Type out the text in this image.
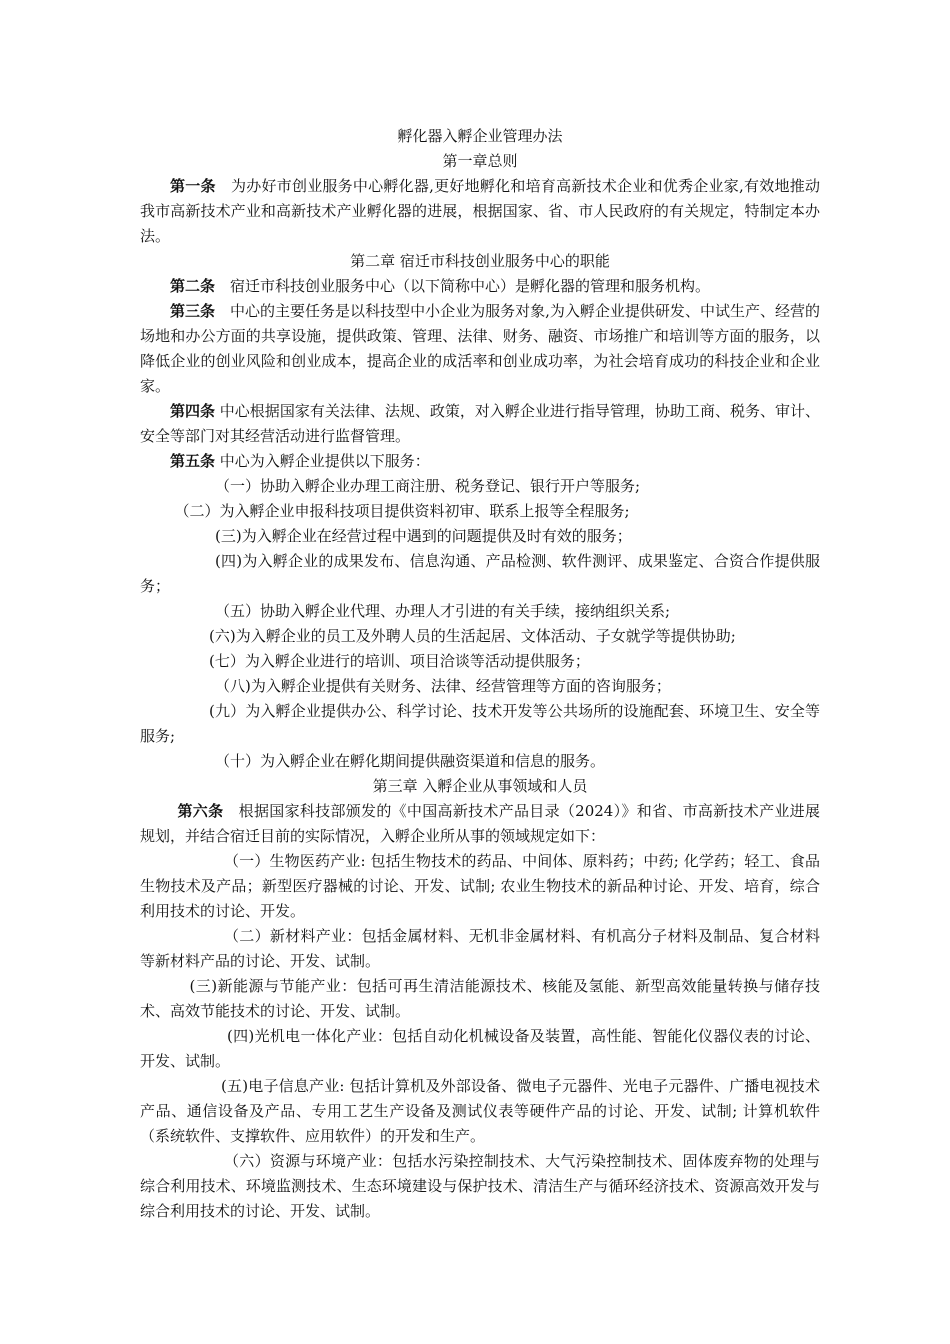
孵化器入孵企业管理办法

第一章总则

第一条 为办好市创业服务中心孵化器,更好地孵化和培育高新技术企业和优秀企业家,有效地推动我市高新技术产业和高新技术产业孵化器的进展，根据国家、省、市人民政府的有关规定，特制定本办法。

第二章 宿迁市科技创业服务中心的职能

第二条 宿迁市科技创业服务中心（以下简称中心）是孵化器的管理和服务机构。

第三条 中心的主要任务是以科技型中小企业为服务对象,为入孵企业提供研发、中试生产、经营的场地和办公方面的共享设施，提供政策、管理、法律、财务、融资、市场推广和培训等方面的服务，以降低企业的创业风险和创业成本，提高企业的成活率和创业成功率，为社会培育成功的科技企业和企业家。

第四条 中心根据国家有关法律、法规、政策，对入孵企业进行指导管理，协助工商、税务、审计、安全等部门对其经营活动进行监督管理。

第五条 中心为入孵企业提供以下服务：

（一）协助入孵企业办理工商注册、税务登记、银行开户等服务;

（二）为入孵企业申报科技项目提供资料初审、联系上报等全程服务;

(三)为入孵企业在经营过程中遇到的问题提供及时有效的服务；

(四)为入孵企业的成果发布、信息沟通、产品检测、软件测评、成果鉴定、合资合作提供服务；

（五）协助入孵企业代理、办理人才引进的有关手续，接纳组织关系;

(六)为入孵企业的员工及外聘人员的生活起居、文体活动、子女就学等提供协助;

(七）为入孵企业进行的培训、项目洽谈等活动提供服务；

（八)为入孵企业提供有关财务、法律、经营管理等方面的咨询服务；

(九）为入孵企业提供办公、科学讨论、技术开发等公共场所的设施配套、环境卫生、安全等服务;

（十）为入孵企业在孵化期间提供融资渠道和信息的服务。

第三章 入孵企业从事领域和人员

第六条 根据国家科技部颁发的《中国高新技术产品目录（2024）》和省、市高新技术产业进展规划，并结合宿迁目前的实际情况，入孵企业所从事的领域规定如下：

（一）生物医药产业: 包括生物技术的药品、中间体、原料药；中药; 化学药；轻工、食品生物技术及产品；新型医疗器械的讨论、开发、试制; 农业生物技术的新品种讨论、开发、培育，综合利用技术的讨论、开发。

（二）新材料产业：包括金属材料、无机非金属材料、有机高分子材料及制品、复合材料等新材料产品的讨论、开发、试制。

(三)新能源与节能产业：包括可再生清洁能源技术、核能及氢能、新型高效能量转换与储存技术、高效节能技术的讨论、开发、试制。

(四)光机电一体化产业：包括自动化机械设备及装置，高性能、智能化仪器仪表的讨论、开发、试制。

(五)电子信息产业: 包括计算机及外部设备、微电子元器件、光电子元器件、广播电视技术产品、通信设备及产品、专用工艺生产设备及测试仪表等硬件产品的讨论、开发、试制; 计算机软件（系统软件、支撑软件、应用软件）的开发和生产。

（六）资源与环境产业：包括水污染控制技术、大气污染控制技术、固体废弃物的处理与综合利用技术、环境监测技术、生态环境建设与保护技术、清洁生产与循环经济技术、资源高效开发与综合利用技术的讨论、开发、试制。
